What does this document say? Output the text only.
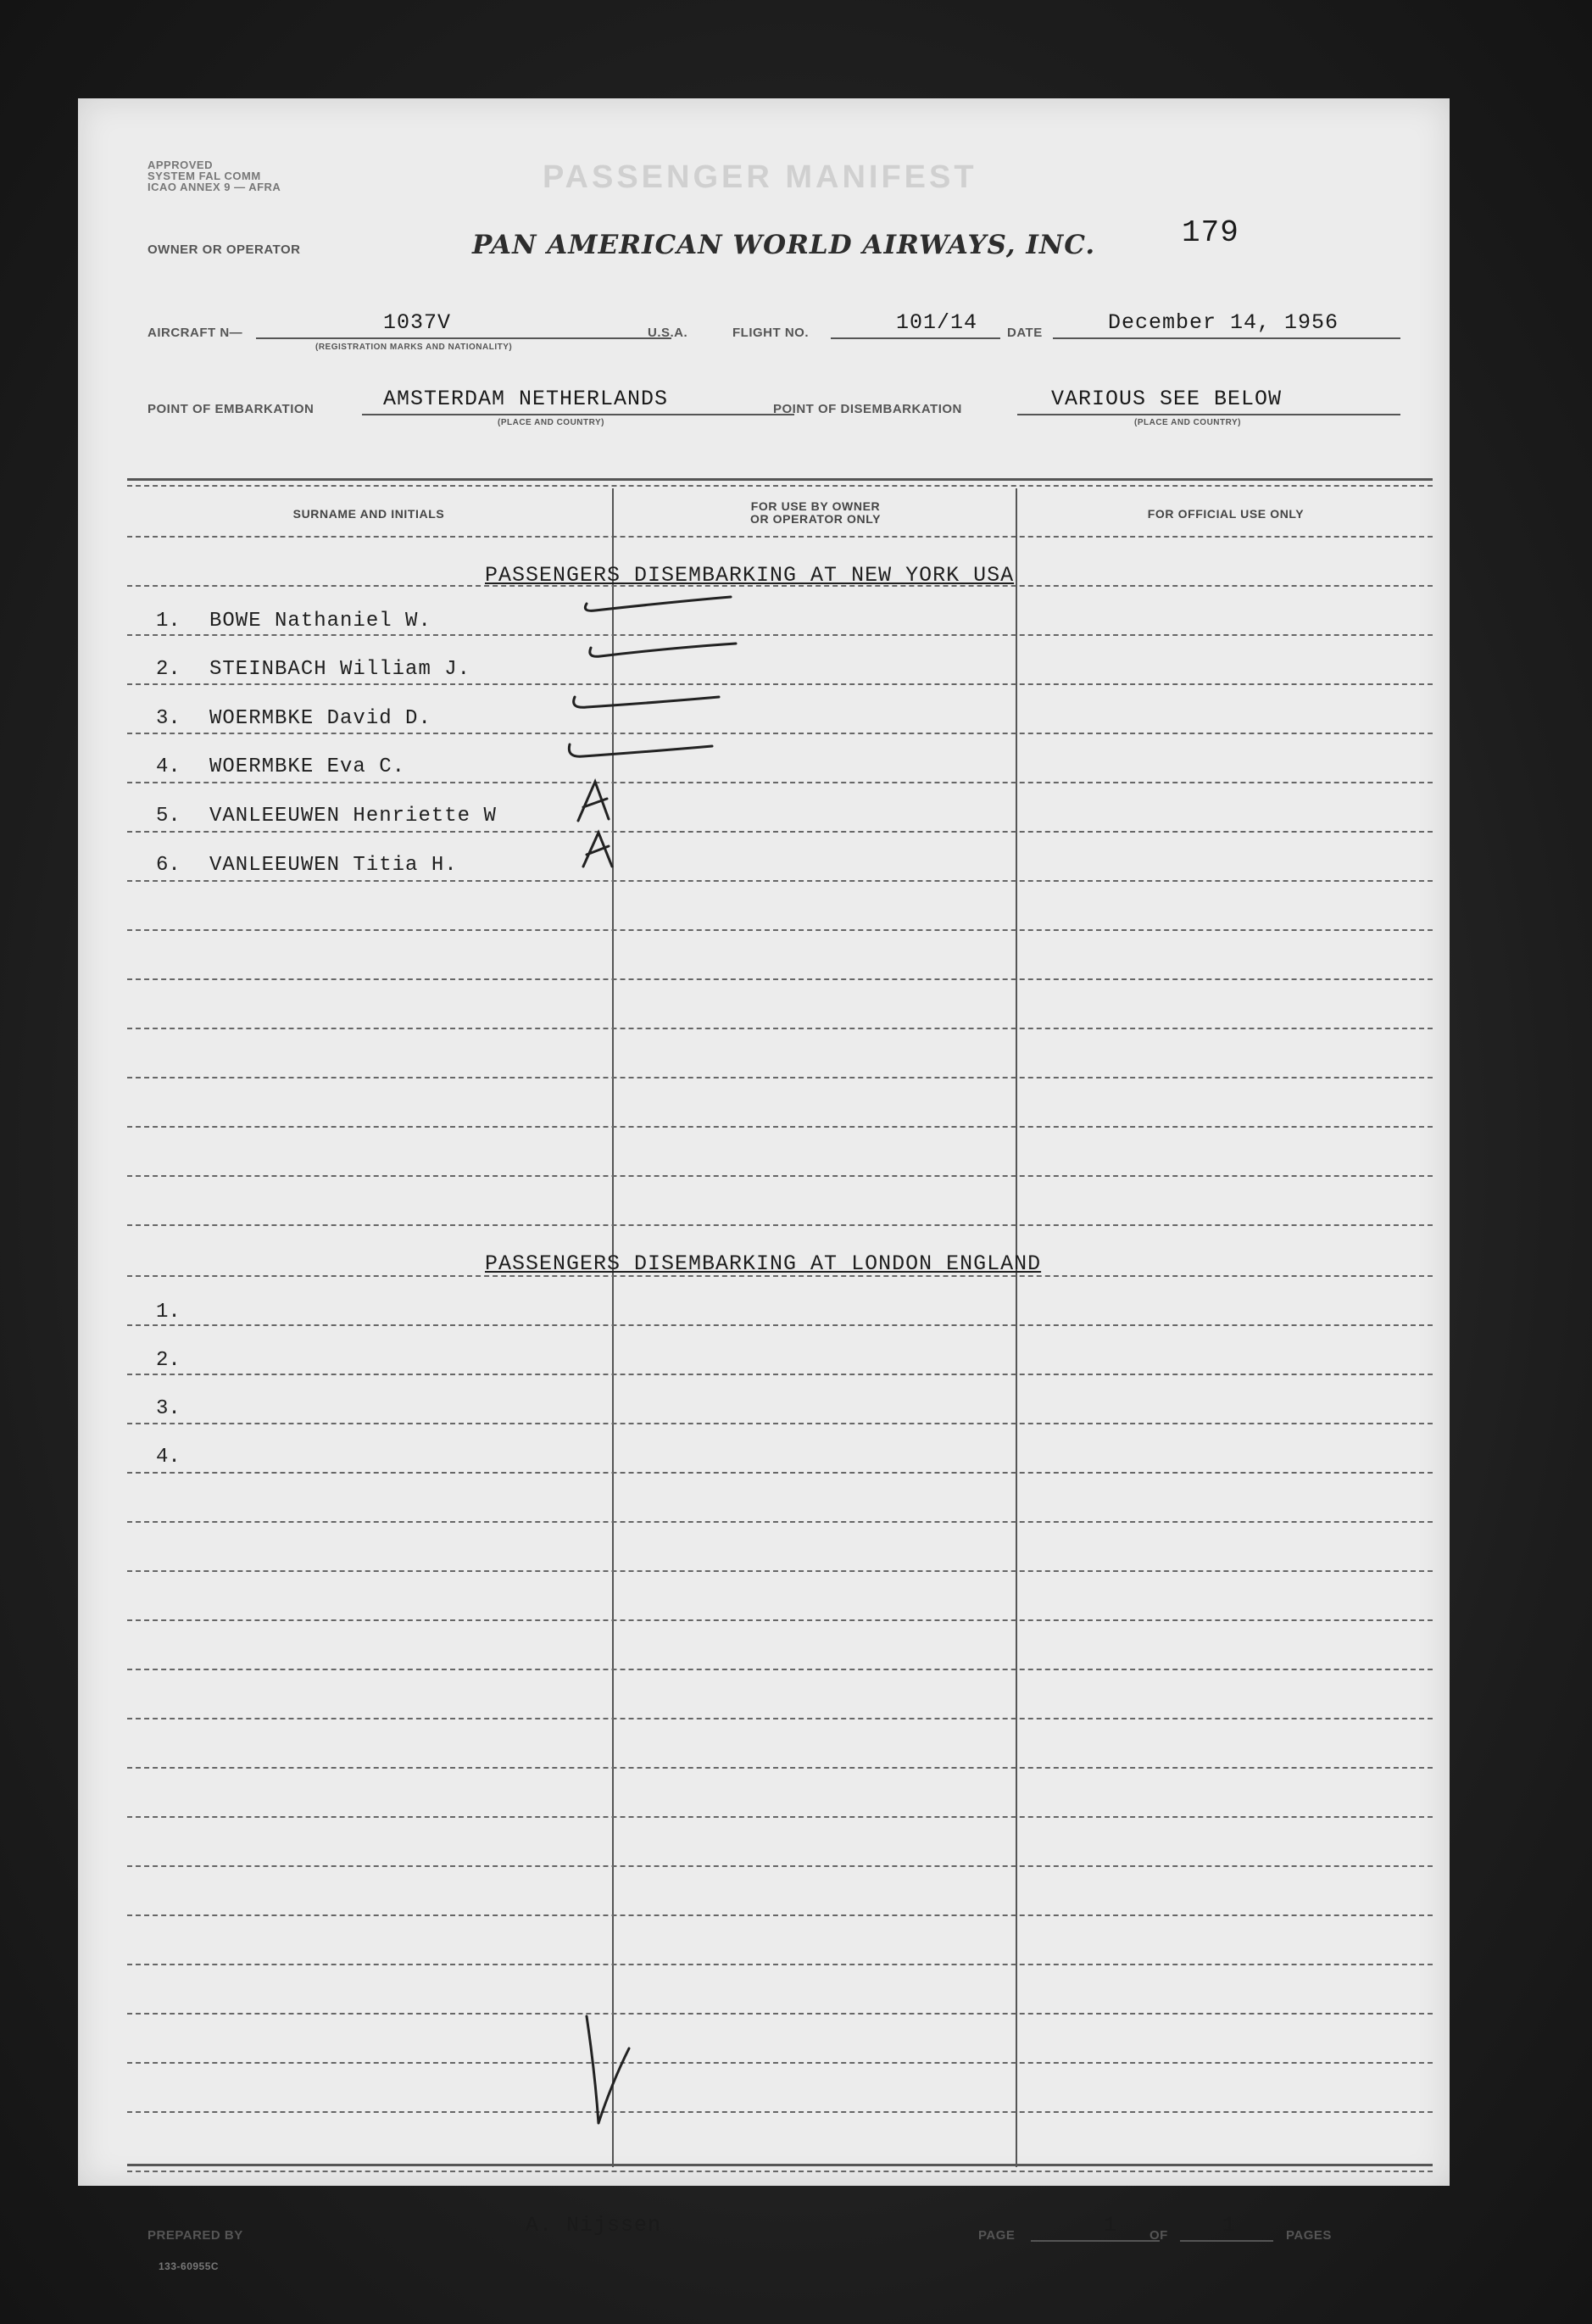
APPROVED
SYSTEM FAL COMM
ICAO ANNEX 9 — AFRA	PASSENGER MANIFEST
OWNER OR OPERATOR	PAN AMERICAN WORLD AIRWAYS, INC.	179
AIRCRAFT N—	1037V
(REGISTRATION MARKS AND NATIONALITY)
U.S.A.	FLIGHT NO.	101/14 DATE	December 14, 1956
POINT OF EMBARKATION	AMSTERDAM NETHERLANDS
(PLACE AND COUNTRY)
POINT OF DISEMBARKATION	VARIOUS SEE BELOW
(PLACE AND COUNTRY)
SURNAME AND INITIALS
FOR USE BY OWNER
OR OPERATOR ONLY	FOR OFFICIAL USE ONLY
PASSENGERS DISEMBARKING AT NEW YORK USA
1. BOWE Nathaniel W.
2. STEINBACH William J.
3. WOERMBKE David D.
4. WOERMBKE Eva C.
5. VANLEEUWEN Henriette W
6. VANLEEUWEN Titia H.
PASSENGERS DISEMBARKING AT LONDON ENGLAND
1.
2.
3.
4.
PREPARED BY	A. Nijssen	PAGE	1	OF	1	PAGES
133-60955C
